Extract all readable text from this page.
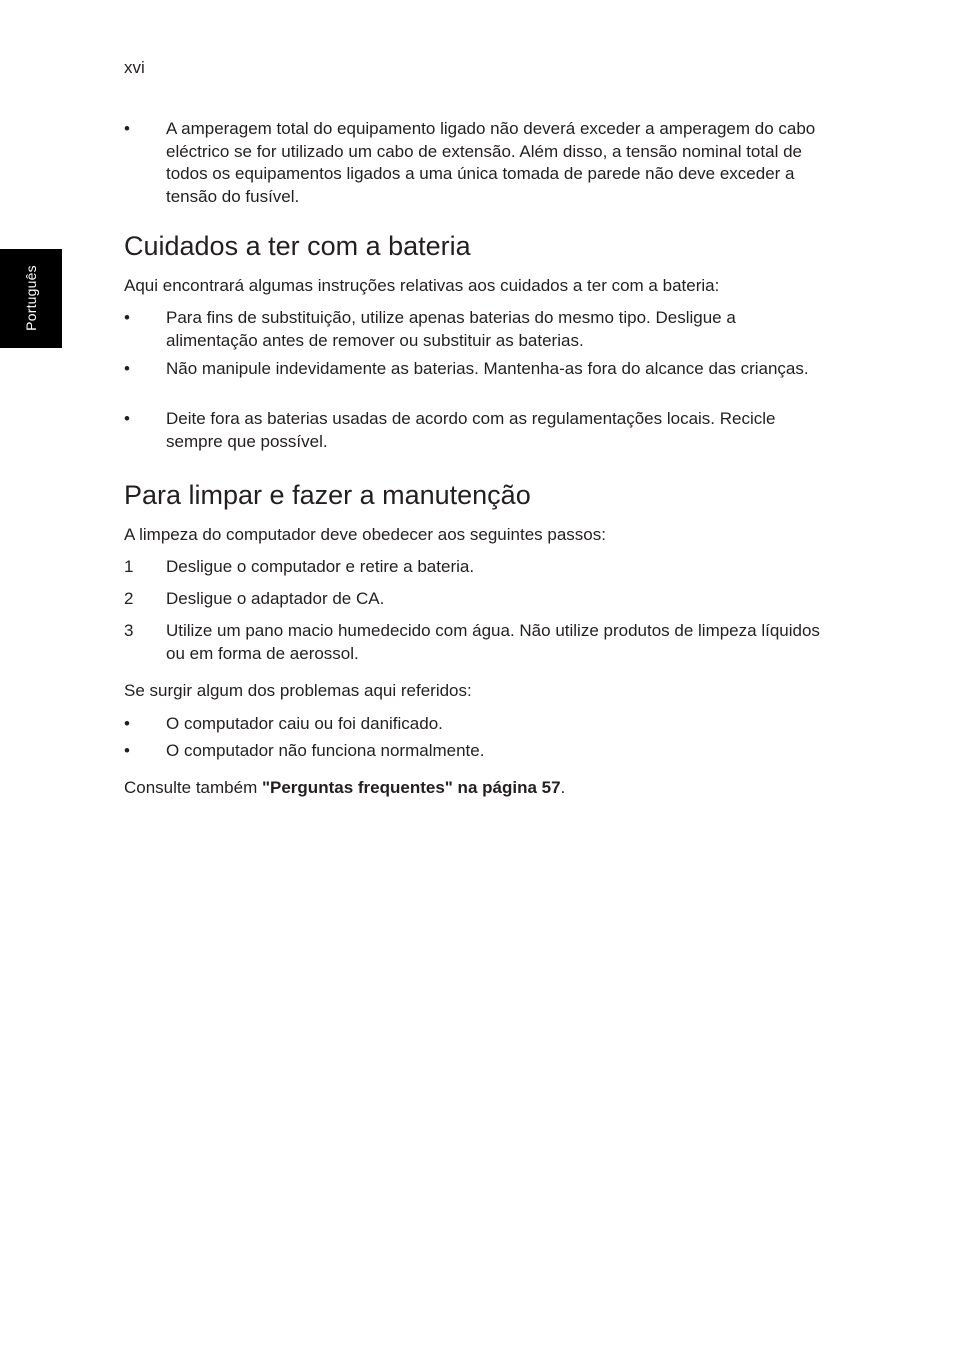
Português
xvi
• A amperagem total do equipamento ligado não deverá exceder a amperagem do cabo eléctrico se for utilizado um cabo de extensão. Além disso, a tensão nominal total de todos os equipamentos ligados a uma única tomada de parede não deve exceder a tensão do fusível.
Cuidados a ter com a bateria
Aqui encontrará algumas instruções relativas aos cuidados a ter com a bateria:
• Para fins de substituição, utilize apenas baterias do mesmo tipo. Desligue a alimentação antes de remover ou substituir as baterias.
• Não manipule indevidamente as baterias. Mantenha-as fora do alcance das crianças.
• Deite fora as baterias usadas de acordo com as regulamentações locais. Recicle sempre que possível.
Para limpar e fazer a manutenção
A limpeza do computador deve obedecer aos seguintes passos:
1 Desligue o computador e retire a bateria.
2 Desligue o adaptador de CA.
3 Utilize um pano macio humedecido com água. Não utilize produtos de limpeza líquidos ou em forma de aerossol.
Se surgir algum dos problemas aqui referidos:
• O computador caiu ou foi danificado.
• O computador não funciona normalmente.
Consulte também "Perguntas frequentes" na página 57.
